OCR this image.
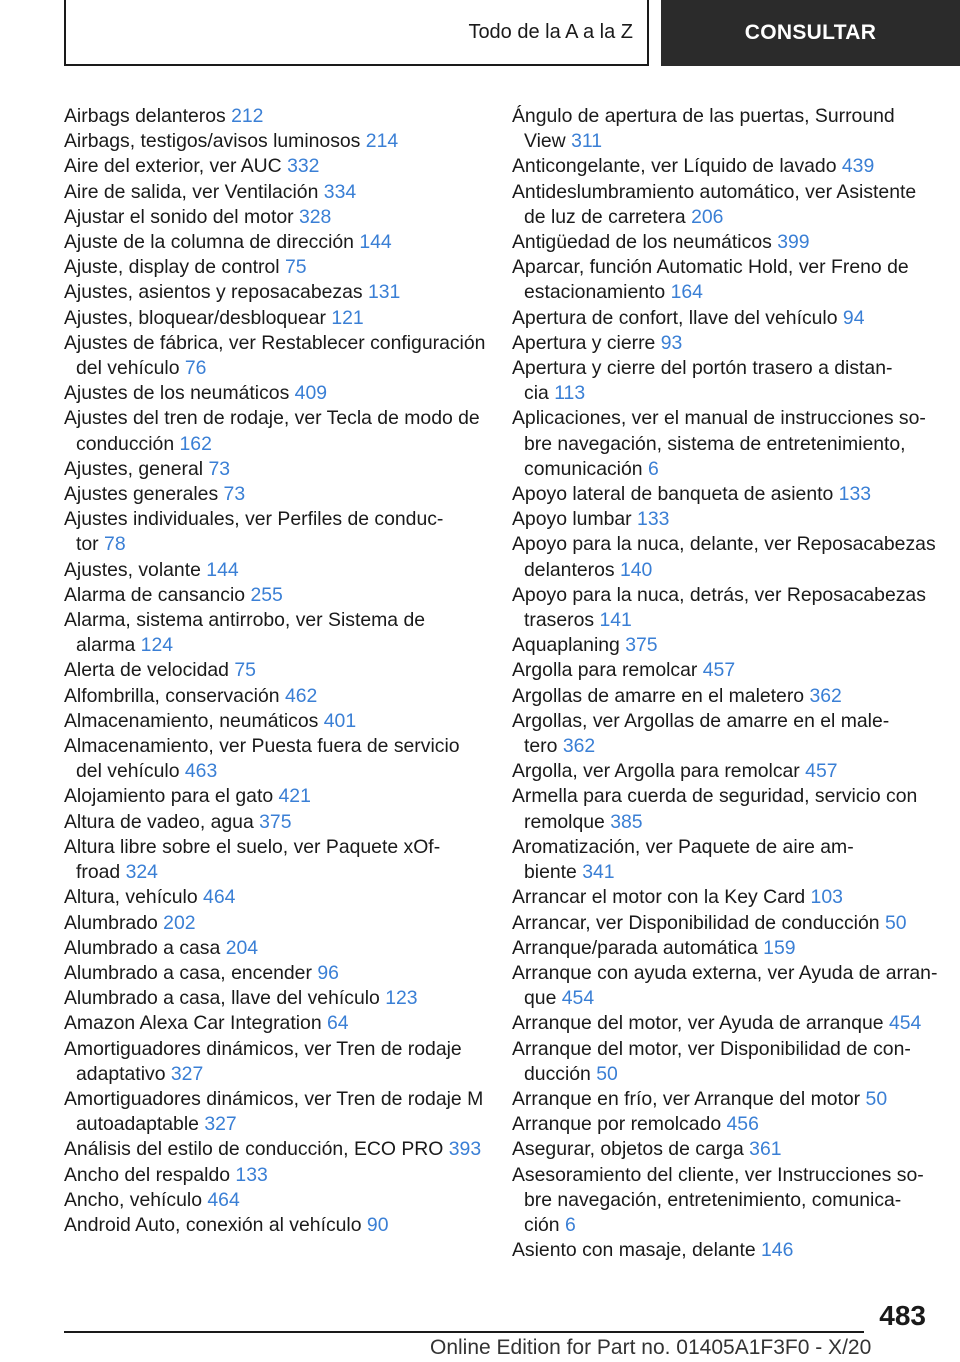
Todo de la A a la Z	CONSULTAR
Airbags delanteros 212
Airbags, testigos/avisos luminosos 214
Aire del exterior, ver AUC 332
Aire de salida, ver Ventilación 334
Ajustar el sonido del motor 328
Ajuste de la columna de dirección 144
Ajuste, display de control 75
Ajustes, asientos y reposacabezas 131
Ajustes, bloquear/desbloquear 121
Ajustes de fábrica, ver Restablecer configuración
del vehículo 76
Ajustes de los neumáticos 409
Ajustes del tren de rodaje, ver Tecla de modo de
conducción 162
Ajustes, general 73
Ajustes generales 73
Ajustes individuales, ver Perfiles de conduc‐
tor 78
Ajustes, volante 144
Alarma de cansancio 255
Alarma, sistema antirrobo, ver Sistema de
alarma 124
Alerta de velocidad 75
Alfombrilla, conservación 462
Almacenamiento, neumáticos 401
Almacenamiento, ver Puesta fuera de servicio
del vehículo 463
Alojamiento para el gato 421
Altura de vadeo, agua 375
Altura libre sobre el suelo, ver Paquete xOf‐
froad 324
Altura, vehículo 464
Alumbrado 202
Alumbrado a casa 204
Alumbrado a casa, encender 96
Alumbrado a casa, llave del vehículo 123
Amazon Alexa Car Integration 64
Amortiguadores dinámicos, ver Tren de rodaje
adaptativo 327
Amortiguadores dinámicos, ver Tren de rodaje M
autoadaptable 327
Análisis del estilo de conducción, ECO PRO 393
Ancho del respaldo 133
Ancho, vehículo 464
Android Auto, conexión al vehículo 90
Ángulo de apertura de las puertas, Surround
View 311
Anticongelante, ver Líquido de lavado 439
Antideslumbramiento automático, ver Asistente
de luz de carretera 206
Antigüedad de los neumáticos 399
Aparcar, función Automatic Hold, ver Freno de
estacionamiento 164
Apertura de confort, llave del vehículo 94
Apertura y cierre 93
Apertura y cierre del portón trasero a distan‐
cia 113
Aplicaciones, ver el manual de instrucciones so‐
bre navegación, sistema de entretenimiento,
comunicación 6
Apoyo lateral de banqueta de asiento 133
Apoyo lumbar 133
Apoyo para la nuca, delante, ver Reposacabezas
delanteros 140
Apoyo para la nuca, detrás, ver Reposacabezas
traseros 141
Aquaplaning 375
Argolla para remolcar 457
Argollas de amarre en el maletero 362
Argollas, ver Argollas de amarre en el male‐
tero 362
Argolla, ver Argolla para remolcar 457
Armella para cuerda de seguridad, servicio con
remolque 385
Aromatización, ver Paquete de aire am‐
biente 341
Arrancar el motor con la Key Card 103
Arrancar, ver Disponibilidad de conducción 50
Arranque/parada automática 159
Arranque con ayuda externa, ver Ayuda de arran‐
que 454
Arranque del motor, ver Ayuda de arranque 454
Arranque del motor, ver Disponibilidad de con‐
ducción 50
Arranque en frío, ver Arranque del motor 50
Arranque por remolcado 456
Asegurar, objetos de carga 361
Asesoramiento del cliente, ver Instrucciones so‐
bre navegación, entretenimiento, comunica‐
ción 6
Asiento con masaje, delante 146
483
Online Edition for Part no. 01405A1F3F0 - X/20
